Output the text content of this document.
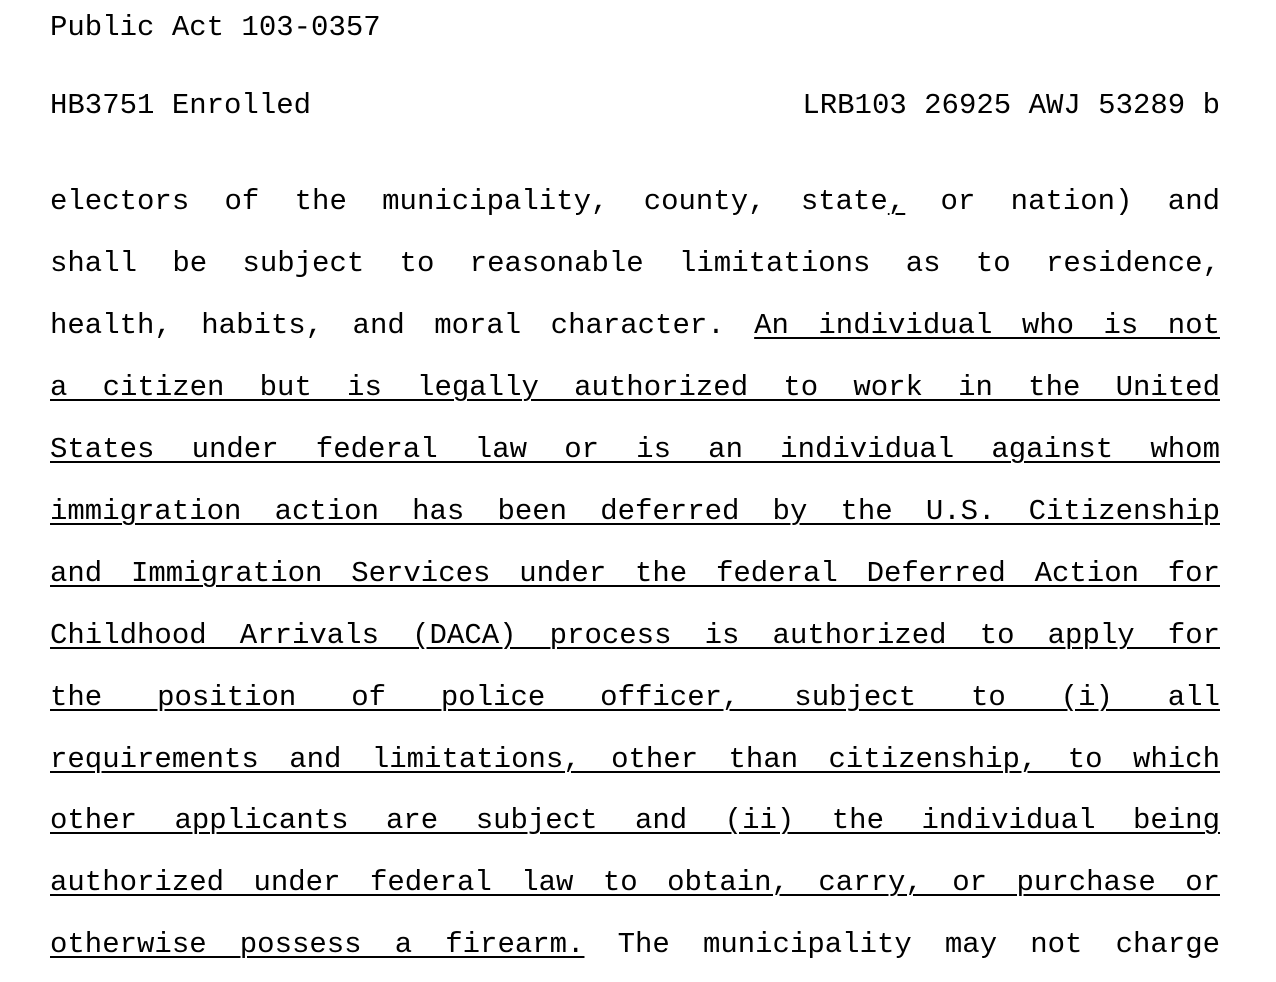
Public Act 103-0357
HB3751 Enrolled	LRB103 26925 AWJ 53289 b
electors of the municipality, county, state, or nation) and
shall be subject to reasonable limitations as to residence,
health, habits, and moral character. An individual who is not
a citizen but is legally authorized to work in the United
States under federal law or is an individual against whom
immigration action has been deferred by the U.S. Citizenship
and Immigration Services under the federal Deferred Action for
Childhood Arrivals (DACA) process is authorized to apply for
the position of police officer, subject to (i) all
requirements and limitations, other than citizenship, to which
other applicants are subject and (ii) the individual being
authorized under federal law to obtain, carry, or purchase or
otherwise possess a firearm. The municipality may not charge
